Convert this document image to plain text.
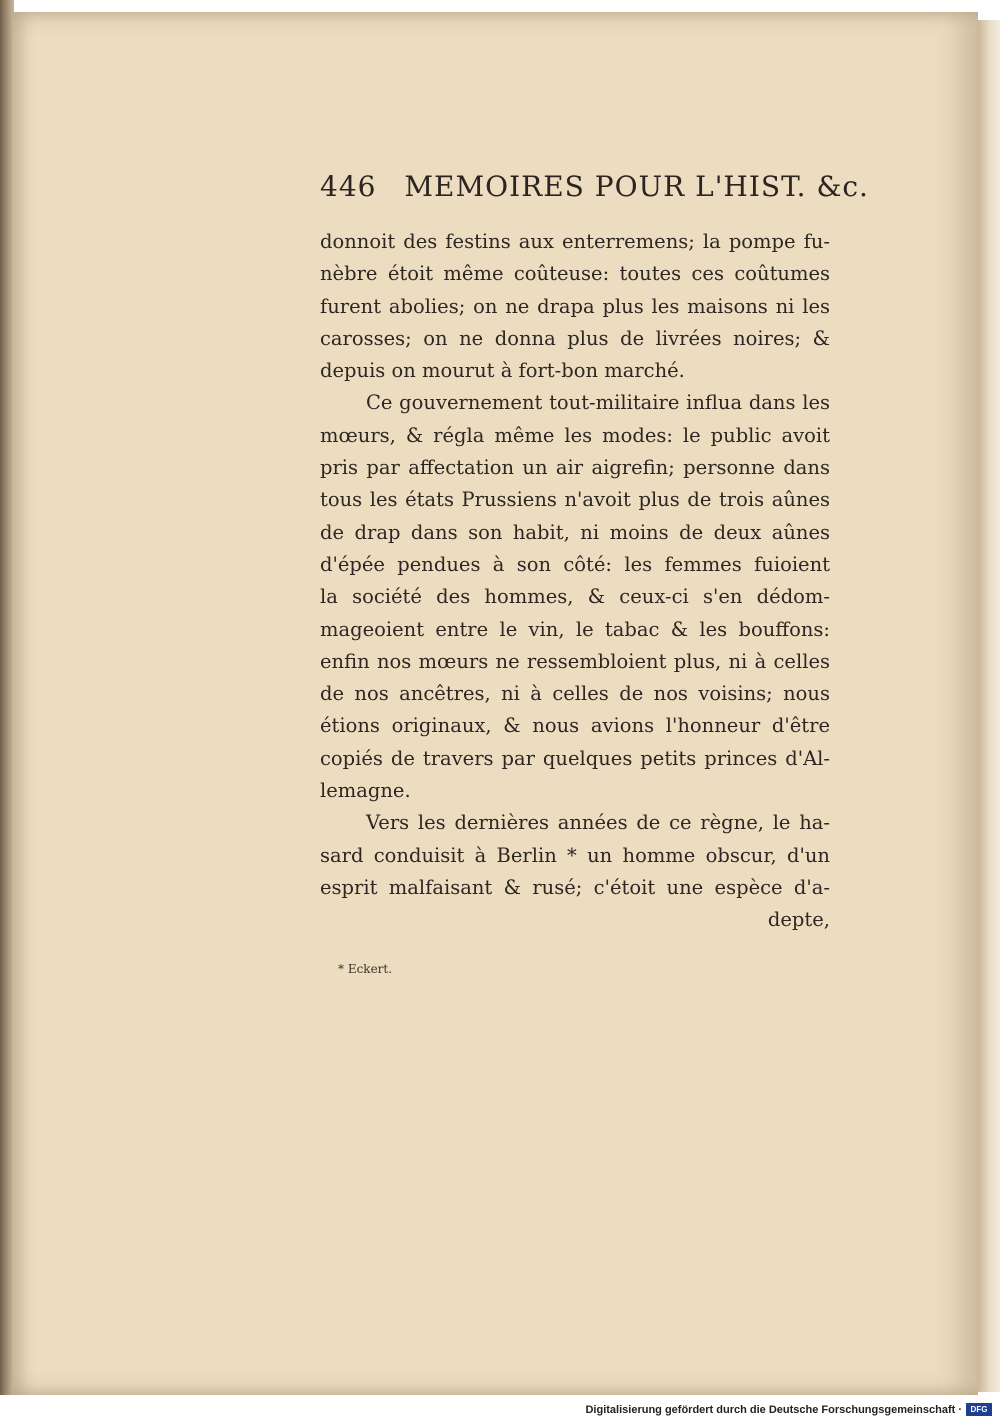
446 MEMOIRES POUR L'HIST. &c.
donnoit des festins aux enterremens; la pompe fu-
nèbre étoit même coûteuse: toutes ces coûtumes
furent abolies; on ne drapa plus les maisons ni les
carosses; on ne donna plus de livrées noires; &
depuis on mourut à fort-bon marché.
Ce gouvernement tout-militaire influa dans les
mœurs, & régla même les modes: le public avoit
pris par affectation un air aigrefin; personne dans
tous les états Prussiens n'avoit plus de trois aûnes
de drap dans son habit, ni moins de deux aûnes
d'épée pendues à son côté: les femmes fuioient
la société des hommes, & ceux-ci s'en dédom-
mageoient entre le vin, le tabac & les bouffons:
enfin nos mœurs ne ressembloient plus, ni à celles
de nos ancêtres, ni à celles de nos voisins; nous
étions originaux, & nous avions l'honneur d'être
copiés de travers par quelques petits princes d'Al-
lemagne.
Vers les dernières années de ce règne, le ha-
sard conduisit à Berlin * un homme obscur, d'un
esprit malfaisant & rusé; c'étoit une espèce d'a-
depte,
* Eckert.
Digitalisierung gefördert durch die Deutsche Forschungsgemeinschaft ·	DFG
